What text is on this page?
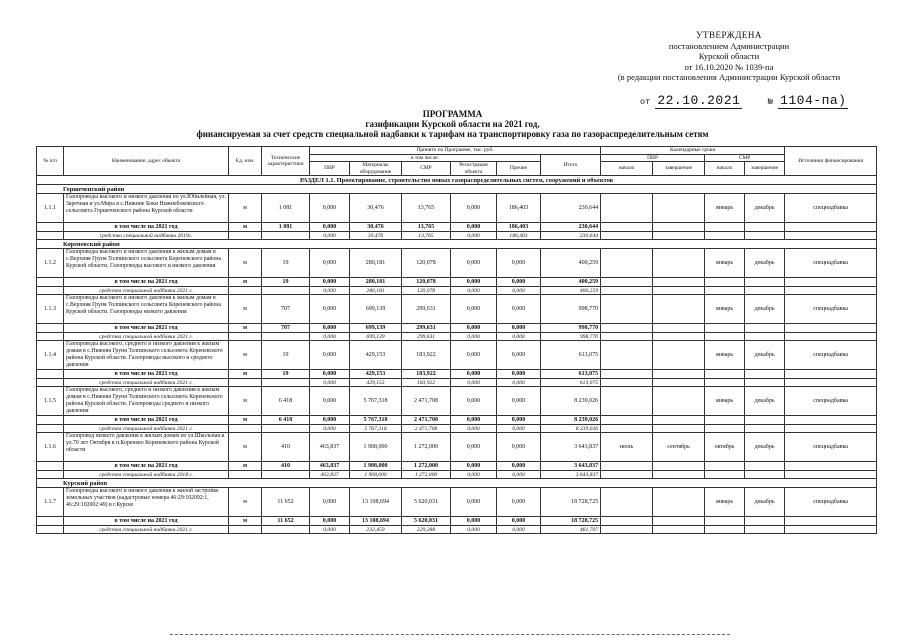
УТВЕРЖДЕНА
постановлением Администрации
Курской области
от 16.10.2020 № 1039-па
(в редакции постановления Администрации Курской области
от 22.10.2021	№ 1104-па)
ПРОГРАММА
газификации Курской области на 2021 год,
финансируемая за счет средств специальной надбавки к тарифам на транспортировку газа по газораспределительным сетям
№ п/п	Наименование, адрес объекта	Ед. изм.	Технические характеристики	Принято по Программе, тыс. руб.						Календарные сроки				Источники финансирования
				в том числе:					Итого	ПИР		СМР		
				ПИР	Материалы оборудование	СМР	Регистрация объекта	Прочие		начало	завершение	начало	завершение	
РАЗДЕЛ 1.1. Проектирование, строительство новых газораспределительных систем, сооружений и объектов														
Горшеченский район														
1.1.1	Газопроводы высокого и низкого давления по ул.Юбилейная, ул. Заречная и ул.Мира в с.Нижние Боки Нижнебоковского сельсовета Горшеченского района Курской области	м	1 081	0,000	30,476	13,765	0,000	186,403	230,644			январь	декабрь	спецнадбавка
	в том числе на 2021 год	м	1 081	0,000	30,476	13,765	0,000	186,403	230,644					
	средства специальной надбавки 2019г.			0,000	30,476	13,765	0,000	186,403	230,644					
Кореневский район														
1.1.2	Газопроводы высокого и низкого давления к жилым домам в с.Верхняя Груня Толпинского сельсовета Кореневского района Курской области. Газопроводы высокого и низкого давления	м	19	0,000	280,181	120,078	0,000	0,000	400,259			январь	декабрь	спецнадбавка
	в том числе на 2021 год	м	19	0,000	280,181	120,078	0,000	0,000	400,259					
	средства специальной надбавки 2021 г.			0,000	280,181	120,078	0,000	0,000	400,259					
1.1.3	Газопроводы высокого и низкого давления к жилым домам в с.Верхняя Груня Толпинского сельсовета Кореневского района Курской области. Газопроводы низкого давления	м	707	0,000	699,139	299,631	0,000	0,000	998,770			январь	декабрь	спецнадбавка
	в том числе на 2021 год	м	707	0,000	699,139	299,631	0,000	0,000	998,770					
	средства специальной надбавки 2021 г.			0,000	699,139	299,631	0,000	0,000	998,770					
1.1.4	Газопроводы высокого, среднего и низкого давления к жилым домам в с.Нижняя Груня Толпинского сельсовета Кореневского района Курской области. Газопроводы высокого и среднего давления	м	19	0,000	429,153	183,922	0,000	0,000	613,075			январь	декабрь	спецнадбавка
	в том числе на 2021 год	м	19	0,000	429,153	183,922	0,000	0,000	613,075					
	средства специальной надбавки 2021 г.			0,000	429,153	183,922	0,000	0,000	613,075					
1.1.5	Газопроводы высокого, среднего и низкого давления к жилым домам в с.Нижняя Груня Толпинского сельсовета Кореневского района Курской области. Газопроводы среднего и низкого давления	м	6 418	0,000	5 767,318	2 471,708	0,000	0,000	8 239,026			январь	декабрь	спецнадбавка
	в том числе на 2021 год	м	6 418	0,000	5 767,318	2 471,708	0,000	0,000	8 239,026					
	средства специальной надбавки 2021 г.			0,000	5 767,318	2 471,708	0,000	0,000	8 239,026					
1.1.6	Газопровод низкого давления к жилым домам по ул.Школьная и ул.70 лет Октября в п.Коренево Кореневского района Курской области	м	410	463,837	1 908,000	1 272,000	0,000	0,000	3 643,837	июль	сентябрь	октябрь	декабрь	спецнадбавка
	в том числе на 2021 год	м	410	463,837	1 908,000	1 272,000	0,000	0,000	3 643,837					
	средства специальной надбавки 2018 г.			463,837	1 908,000	1 272,000	0,000	0,000	3 643,837					
Курский район														
1.1.7	Газопроводы высокого и низкого давления к жилой застройке земельных участков (кадастровые номера 46:29:102092:1, 46:29:102002:49) в г.Курске	м	11 652	0,000	13 108,694	5 620,031	0,000	0,000	18 728,725			январь	декабрь	спецнадбавка
	в том числе на 2021 год	м	11 652	0,000	13 108,694	5 620,031	0,000	0,000	18 728,725					
	средства специальной надбавки 2021 г.			0,000	232,459	229,288	0,000	0,000	461,707					
